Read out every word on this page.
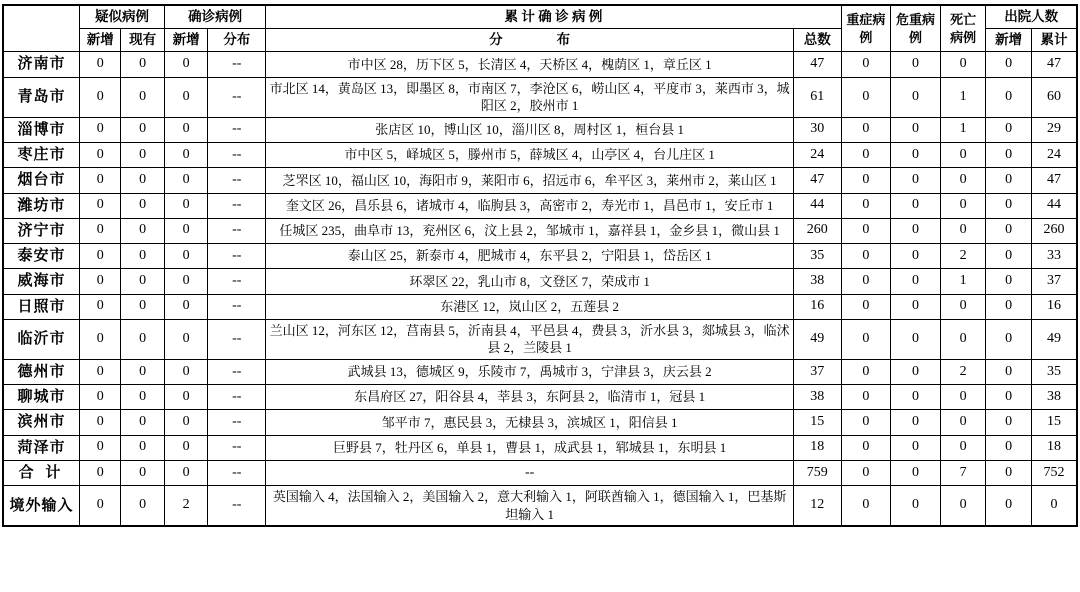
	疑似病例		确诊病例		累 计 确 诊 病 例		重症病例	危重病例	死亡病例	出院人数	
	新增	现有	新增	分布	分　　　　布	总数				新增	累计
济南市	0	0	0	--	市中区 28，历下区 5，长清区 4，天桥区 4，槐荫区 1，章丘区 1	47	0	0	0	0	47
青岛市	0	0	0	--	市北区 14，黄岛区 13，即墨区 8，市南区 7，李沧区 6，崂山区 4，平度市 3，莱西市 3，城阳区 2，胶州市 1	61	0	0	1	0	60
淄博市	0	0	0	--	张店区 10，博山区 10，淄川区 8，周村区 1，桓台县 1	30	0	0	1	0	29
枣庄市	0	0	0	--	市中区 5，峄城区 5，滕州市 5，薛城区 4，山亭区 4，台儿庄区 1	24	0	0	0	0	24
烟台市	0	0	0	--	芝罘区 10，福山区 10，海阳市 9，莱阳市 6，招远市 6，牟平区 3，莱州市 2，莱山区 1	47	0	0	0	0	47
潍坊市	0	0	0	--	奎文区 26，昌乐县 6，诸城市 4，临朐县 3，高密市 2，寿光市 1，昌邑市 1，安丘市 1	44	0	0	0	0	44
济宁市	0	0	0	--	任城区 235，曲阜市 13，兖州区 6，汶上县 2，邹城市 1，嘉祥县 1，金乡县 1，微山县 1	260	0	0	0	0	260
泰安市	0	0	0	--	泰山区 25，新泰市 4，肥城市 4，东平县 2，宁阳县 1，岱岳区 1	35	0	0	2	0	33
威海市	0	0	0	--	环翠区 22，乳山市 8，文登区 7，荣成市 1	38	0	0	1	0	37
日照市	0	0	0	--	东港区 12，岚山区 2，五莲县 2	16	0	0	0	0	16
临沂市	0	0	0	--	兰山区 12，河东区 12，莒南县 5，沂南县 4，平邑县 4，费县 3，沂水县 3，郯城县 3，临沭县 2，兰陵县 1	49	0	0	0	0	49
德州市	0	0	0	--	武城县 13，德城区 9，乐陵市 7，禹城市 3，宁津县 3，庆云县 2	37	0	0	2	0	35
聊城市	0	0	0	--	东昌府区 27，阳谷县 4，莘县 3，东阿县 2，临清市 1，冠县 1	38	0	0	0	0	38
滨州市	0	0	0	--	邹平市 7，惠民县 3，无棣县 3，滨城区 1，阳信县 1	15	0	0	0	0	15
菏泽市	0	0	0	--	巨野县 7，牡丹区 6，单县 1，曹县 1，成武县 1，郓城县 1，东明县 1	18	0	0	0	0	18
合 计	0	0	0	--	--	759	0	0	7	0	752
境外输入	0	0	2	--	英国输入 4，法国输入 2，美国输入 2，意大利输入 1，阿联酋输入 1，德国输入 1，巴基斯坦输入 1	12	0	0	0	0	0
